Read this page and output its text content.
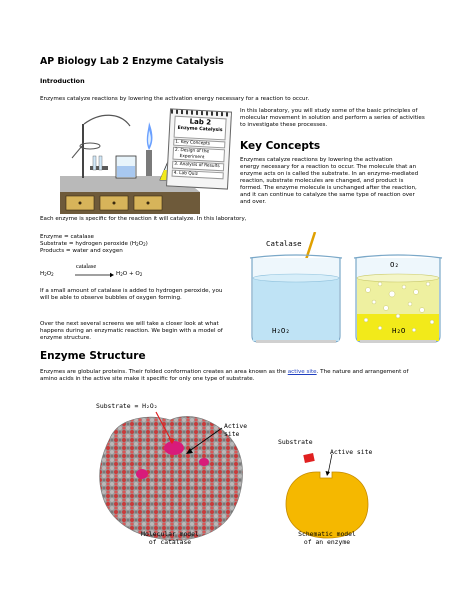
AP Biology Lab 2 Enzyme Catalysis
Introduction
Enzymes catalyze reactions by lowering the activation energy necessary for a reaction to occur.
Lab 2
Enzyme Catalysis
1. Key Concepts
2. Design of the
Experiment
3. Analysis of Results
4. Lab Quiz
In this laboratory, you will study some of the basic principles of
molecular movement in solution and perform a series of activities
to investigate these processes.
Key Concepts
Enzymes catalyze reactions by lowering the activation
energy necessary for a reaction to occur. The molecule that an
enzyme acts on is called the substrate. In an enzyme-mediated
reaction, substrate molecules are changed, and product is
formed. The enzyme molecule is unchanged after the reaction,
and it can continue to catalyze the same type of reaction over
and over.
Each enzyme is specific for the reaction it will catalyze. In this laboratory,
Enzyme = catalase
Substrate = hydrogen peroxide $(H_2O_2)$
Products = water and oxygen
$H_2O_2$
catalase
→ $H_2O + O_2$
If a small amount of catalase is added to hydrogen peroxide, you
will be able to observe bubbles of oxygen forming.
Over the next several screens we will take a closer look at what
happens during an enzymatic reaction. We begin with a model of
enzyme structure.
Catalase
H₂O₂
O₂
H₂O
Enzyme Structure
Enzymes are globular proteins. Their folded conformation creates an area known as the active site. The nature and arrangement of
amino acids in the active site make it specific for only one type of substrate.
Substrate = H₂O₂
Active site
Molecular model
of catalase
Substrate
Active site
Schematic model
of an enzyme
